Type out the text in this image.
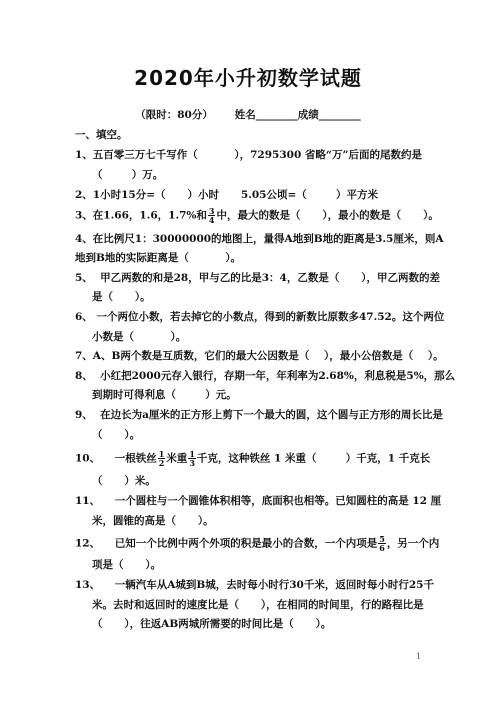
2020年小升初数学试题
（限时：80分）      姓名________成绩________
一、填空。
1、五百零三万七千写作（          ），7295300 省略“万”后面的尾数约是
（        ）万。
2、1小时15分=（      ）小时      5.05公顷=（        ）平方米
3、在1.66，1.6，1.7%和 $\frac{3}{4}$ 中，最大的数是（      ），最小的数是（      ）。
4、在比例尺1：30000000的地图上，量得A地到B地的距离是3.5厘米，则A
地到B地的实际距离是（          ）。
5、  甲乙两数的和是28，甲与乙的比是3：4，乙数是（      ），甲乙两数的差
是（      ）。
6、 一个两位小数，若去掉它的小数点，得到的新数比原数多47.52。这个两位
小数是（          ）。
7、A、B两个数是互质数，它们的最大公因数是（    ），最小公倍数是（    ）。
8、  小红把2000元存入银行，存期一年，年利率为2.68%，利息税是5%，那么
到期时可得利息（        ）元。
9、  在边长为a厘米的正方形上剪下一个最大的圆，这个圆与正方形的周长比是
（      ）。
10、    一根铁丝 $\frac{1}{2}$ 米重 $\frac{1}{3}$ 千克，这种铁丝 1 米重（        ）千克，1 千克长
（      ）米。
11、    一个圆柱与一个圆锥体积相等，底面积也相等。已知圆柱的高是 12 厘
米，圆锥的高是（      ）。
12、    已知一个比例中两个外项的积是最小的合数，一个内项是 $\frac{5}{6}$ ，另一个内
项是（      ）。
13、    一辆汽车从A城到B城，去时每小时行30千米，返回时每小时行25千
米。去时和返回时的速度比是（      ），在相同的时间里，行的路程比是
（      ），往返AB两城所需要的时间比是（      ）。
1
